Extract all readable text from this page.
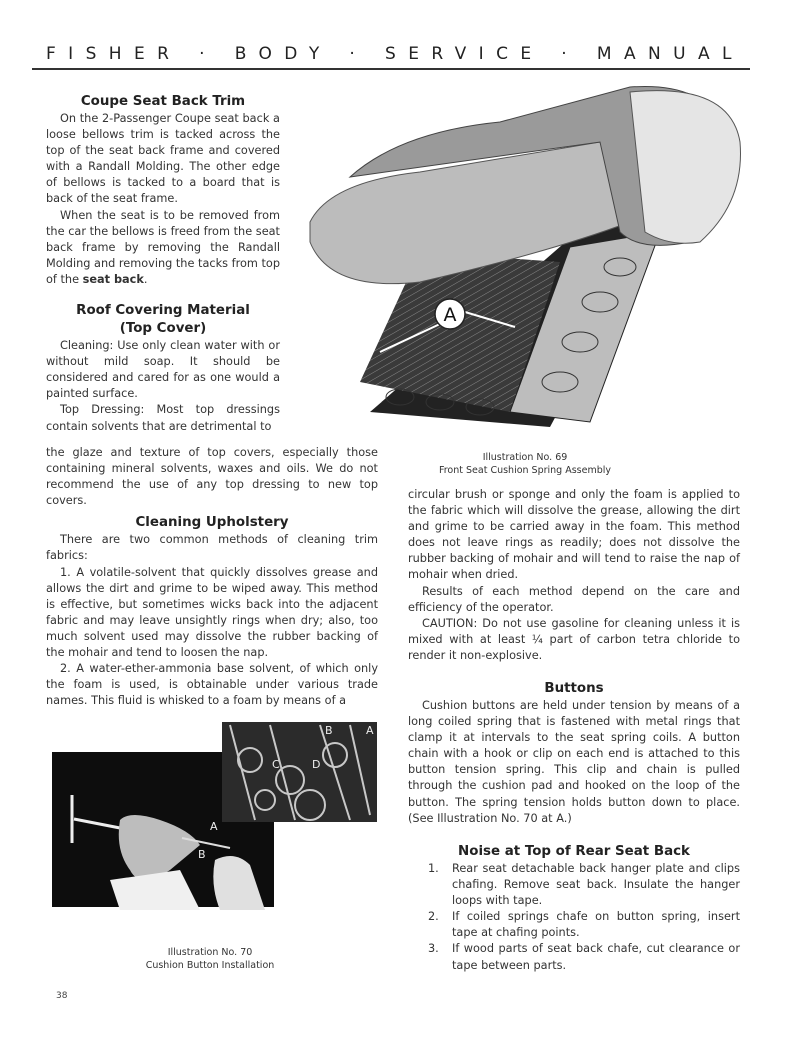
FISHER · BODY · SERVICE · MANUAL
Coupe Seat Back Trim

On the 2-Passenger Coupe seat back a loose bellows trim is tacked across the top of the seat back frame and covered with a Randall Molding. The other edge of bellows is tacked to a board that is back of the seat frame.

When the seat is to be removed from the car the bellows is freed from the seat back frame by removing the Randall Molding and removing the tacks from top of the seat back.

Roof Covering Material
(Top Cover)

Cleaning: Use only clean water with or without mild soap. It should be considered and cared for as one would a painted surface.

Top Dressing: Most top dressings contain solvents that are detrimental to

the glaze and texture of top covers, especially those containing mineral solvents, waxes and oils. We do not recommend the use of any top dressing to new top covers.
Cleaning Upholstery

There are two common methods of cleaning trim fabrics:

1. A volatile-solvent that quickly dissolves grease and allows the dirt and grime to be wiped away. This method is effective, but sometimes wicks back into the adjacent fabric and may leave unsightly rings when dry; also, too much solvent used may dissolve the rubber backing of the mohair and tend to loosen the nap.

2. A water-ether-ammonia base solvent, of which only the foam is used, is obtainable under various trade names. This fluid is whisked to a foam by means of a

A
Illustration No. 69
Front Seat Cushion Spring Assembly
circular brush or sponge and only the foam is applied to the fabric which will dissolve the grease, allowing the dirt and grime to be carried away in the foam. This method does not leave rings as readily; does not dissolve the rubber backing of mohair and will tend to raise the nap of mohair when dried.

Results of each method depend on the care and efficiency of the operator.

CAUTION: Do not use gasoline for cleaning unless it is mixed with at least ¼ part of carbon tetra chloride to render it non-explosive.

Buttons

Cushion buttons are held under tension by means of a long coiled spring that is fastened with metal rings that clamp it at intervals to the seat spring coils. A button chain with a hook or clip on each end is attached to this button tension spring. This clip and chain is pulled through the cushion pad and hooked on the loop of the button. The spring tension holds button down to place. (See Illustration No. 70 at A.)

Noise at Top of Rear Seat Back
1. Rear seat detachable back hanger plate and clips chafing. Remove seat back. Insulate the hanger loops with tape.
2. If coiled springs chafe on button spring, insert tape at chafing points.
3. If wood parts of seat back chafe, cut clearance or tape between parts.
A
B
C	D
A
B
Illustration No. 70
Cushion Button Installation
38
